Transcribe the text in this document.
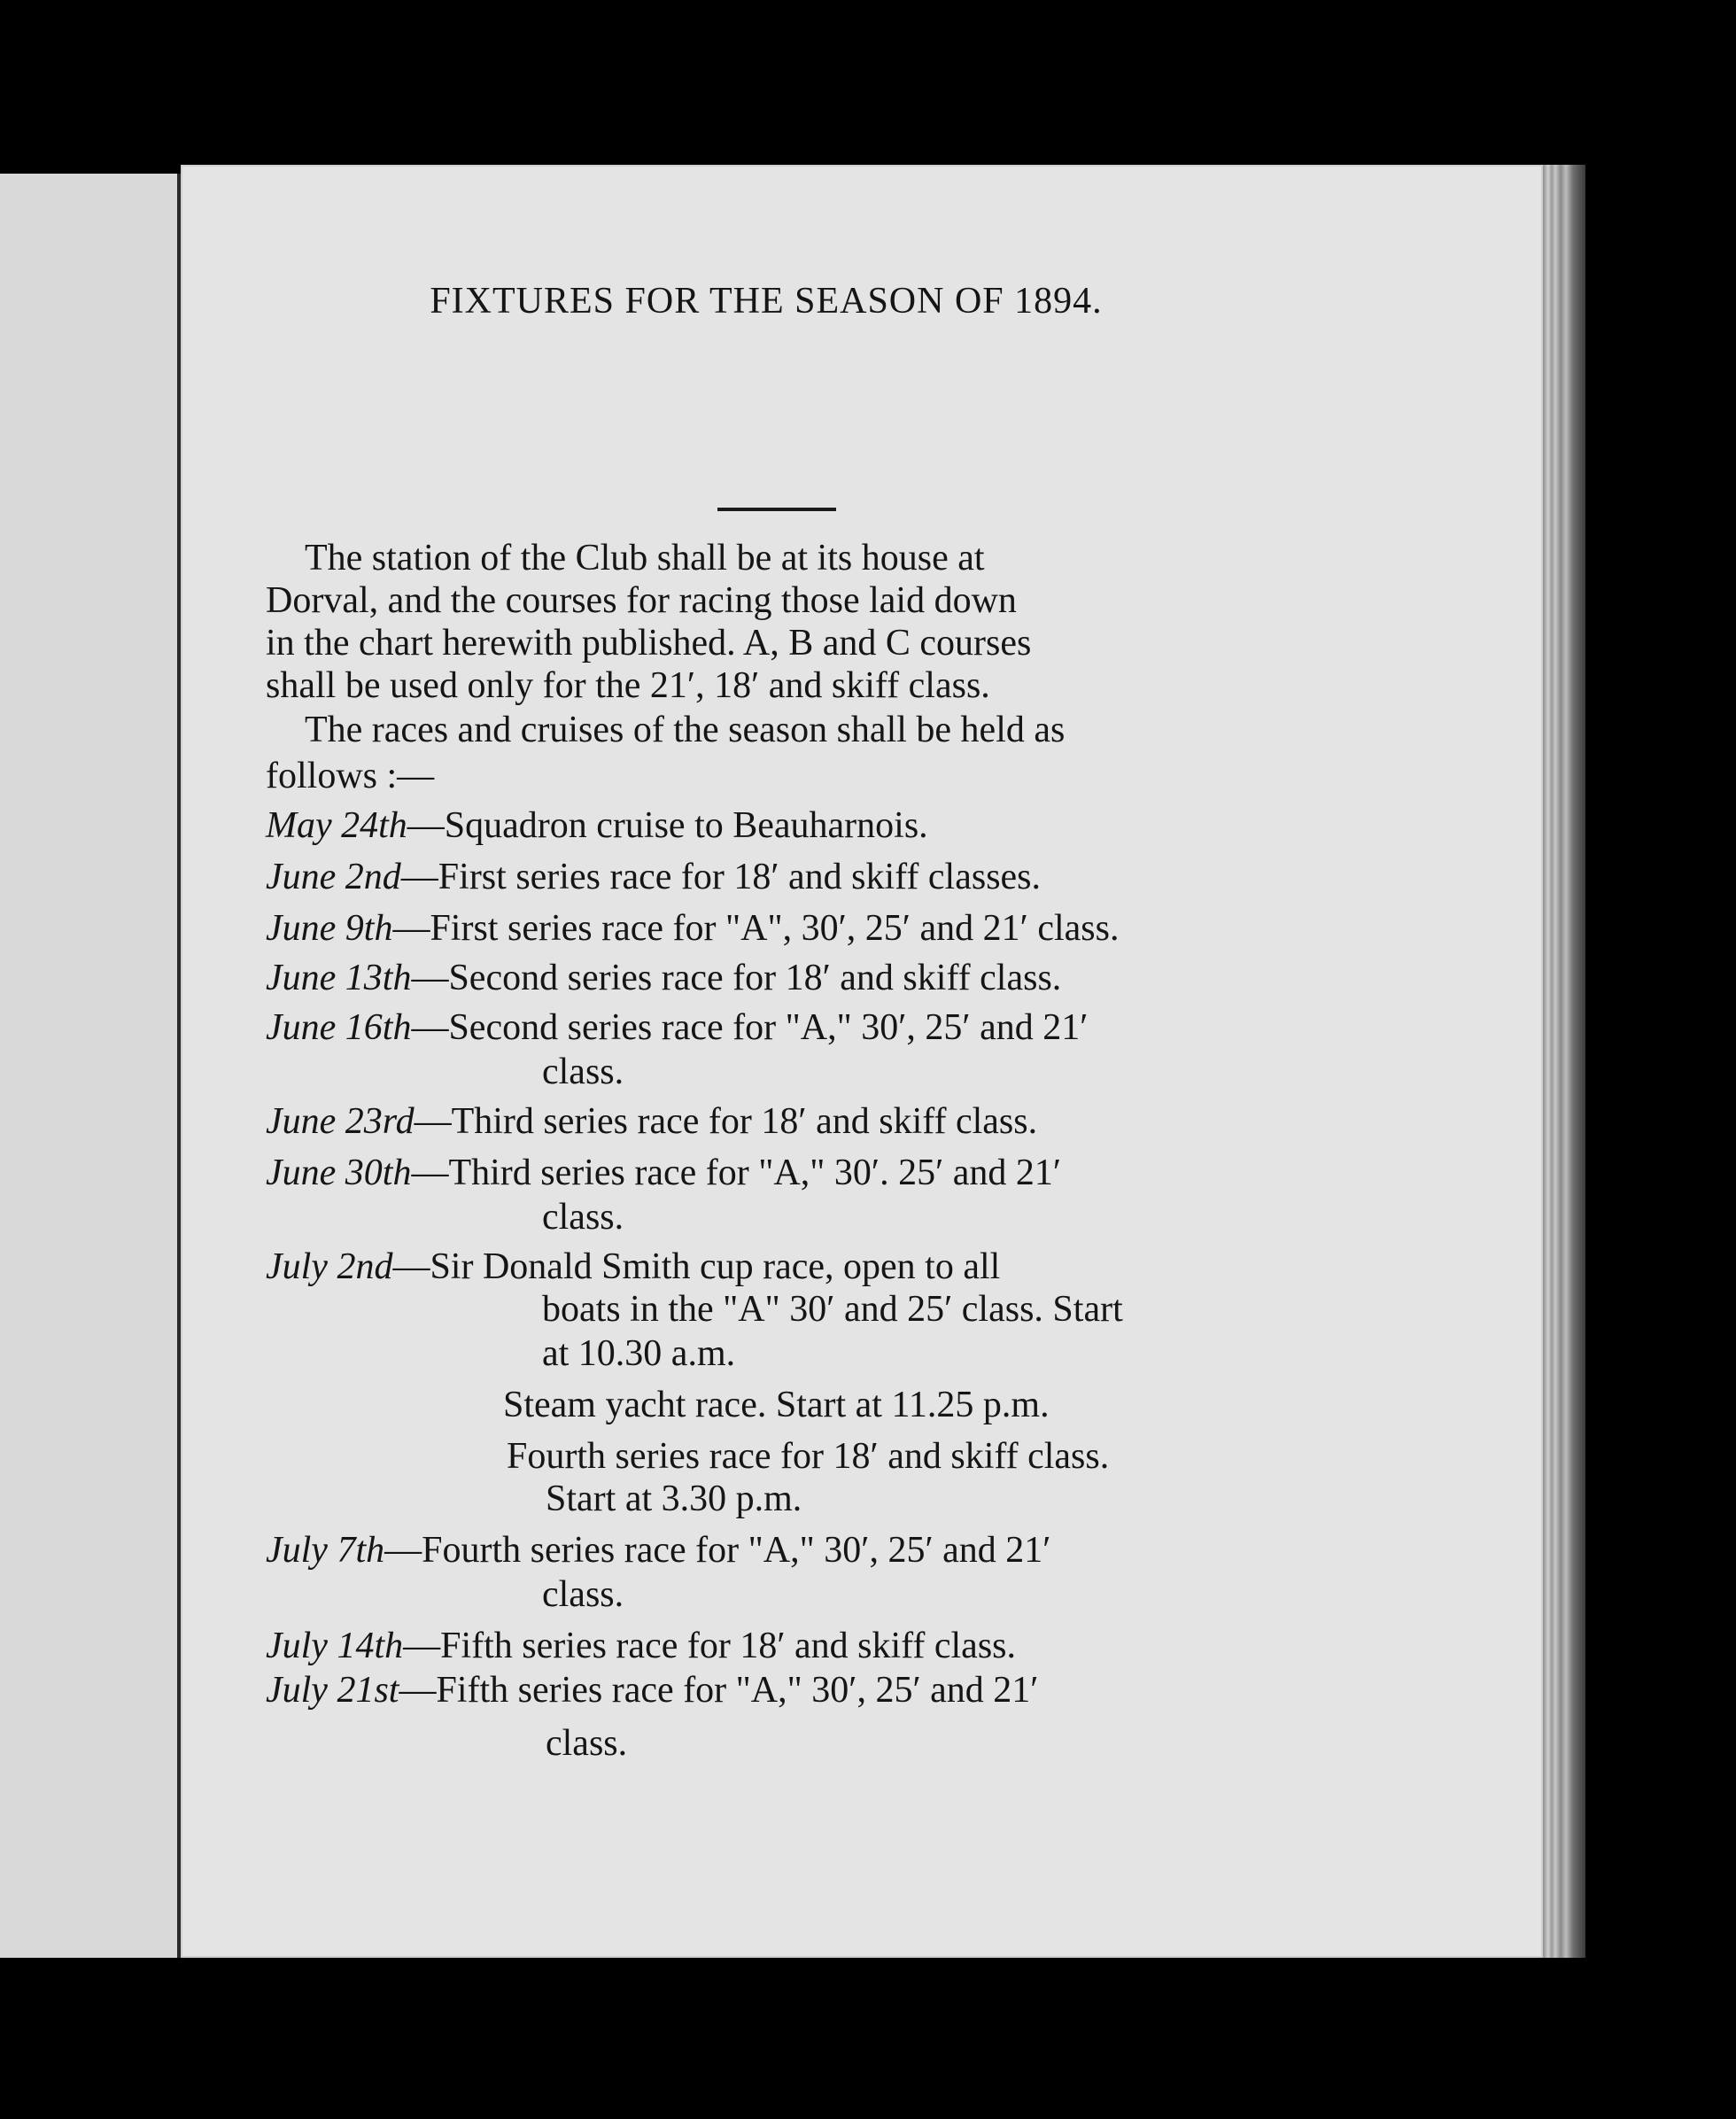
FIXTURES FOR THE SEASON OF 1894.
The station of the Club shall be at its house at
Dorval, and the courses for racing those laid down
in the chart herewith published. A, B and C courses
shall be used only for the 21′, 18′ and skiff class.
The races and cruises of the season shall be held as
follows :—
May 24th—Squadron cruise to Beauharnois.
June 2nd—First series race for 18′ and skiff classes.
June 9th—First series race for "A", 30′, 25′ and 21′ class.
June 13th—Second series race for 18′ and skiff class.
June 16th—Second series race for "A," 30′, 25′ and 21′
class.
June 23rd—Third series race for 18′ and skiff class.
June 30th—Third series race for "A," 30′. 25′ and 21′
class.
July 2nd—Sir Donald Smith cup race, open to all
boats in the "A" 30′ and 25′ class. Start
at 10.30 a.m.
Steam yacht race. Start at 11.25 p.m.
Fourth series race for 18′ and skiff class.
Start at 3.30 p.m.
July 7th—Fourth series race for "A," 30′, 25′ and 21′
class.
July 14th—Fifth series race for 18′ and skiff class.
July 21st—Fifth series race for "A," 30′, 25′ and 21′
class.
